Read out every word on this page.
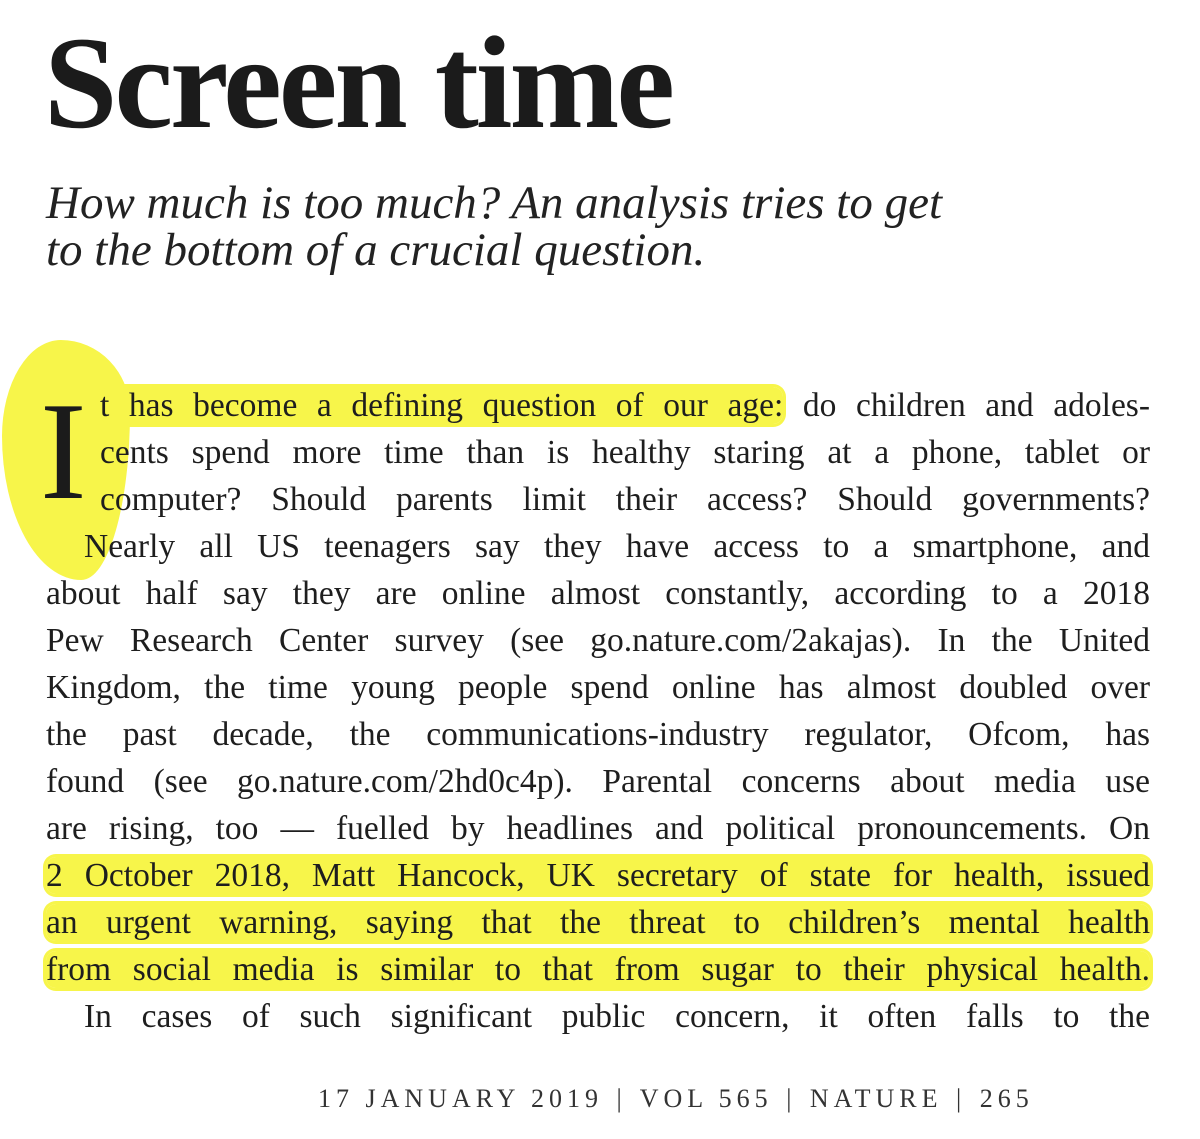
Screen time

How much is too much? An analysis tries to get
to the bottom of a crucial question.

I t has become a defining question of our age: do children and adoles-
cents spend more time than is healthy staring at a phone, tablet or
computer? Should parents limit their access? Should governments?
Nearly all US teenagers say they have access to a smartphone, and
about half say they are online almost constantly, according to a 2018
Pew Research Center survey (see go.nature.com/2akajas). In the United
Kingdom, the time young people spend online has almost doubled over
the past decade, the communications-industry regulator, Ofcom, has
found (see go.nature.com/2hd0c4p). Parental concerns about media use
are rising, too — fuelled by headlines and political pronouncements. On
2 October 2018, Matt Hancock, UK secretary of state for health, issued
an urgent warning, saying that the threat to children’s mental health
from social media is similar to that from sugar to their physical health.
In cases of such significant public concern, it often falls to the
17 JANUARY 2019 | VOL 565 | NATURE | 265
